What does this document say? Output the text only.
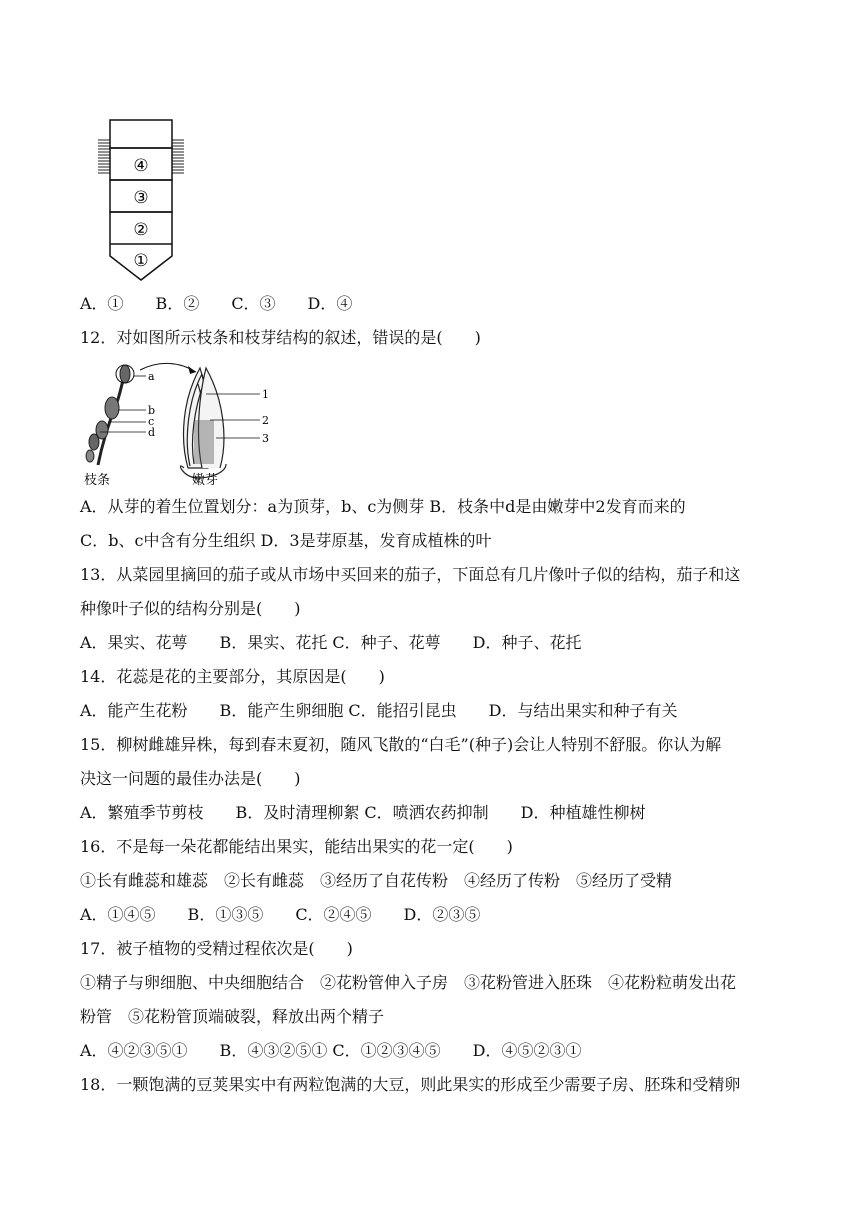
④
③
②
①
A．①　　B．②　　C．③　　D．④
12．对如图所示枝条和枝芽结构的叙述，错误的是(　　)
a
b
c
d
1
2
3
枝条	嫩芽
A．从芽的着生位置划分：a为顶芽，b、c为侧芽 B．枝条中d是由嫩芽中2发育而来的
C．b、c中含有分生组织 D．3是芽原基，发育成植株的叶
13．从菜园里摘回的茄子或从市场中买回来的茄子，下面总有几片像叶子似的结构，茄子和这
种像叶子似的结构分别是(　　)
A．果实、花萼　　B．果实、花托 C．种子、花萼　　D．种子、花托
14．花蕊是花的主要部分，其原因是(　　)
A．能产生花粉　　B．能产生卵细胞 C．能招引昆虫　　D．与结出果实和种子有关
15．柳树雌雄异株，每到春末夏初，随风飞散的“白毛”(种子)会让人特别不舒服。你认为解
决这一问题的最佳办法是(　　)
A．繁殖季节剪枝　　B．及时清理柳絮 C．喷洒农药抑制　　D．种植雄性柳树
16．不是每一朵花都能结出果实，能结出果实的花一定(　　)
①长有雌蕊和雄蕊　②长有雌蕊　③经历了自花传粉　④经历了传粉　⑤经历了受精
A．①④⑤　　B．①③⑤　　C．②④⑤　　D．②③⑤
17．被子植物的受精过程依次是(　　)
①精子与卵细胞、中央细胞结合　②花粉管伸入子房　③花粉管进入胚珠　④花粉粒萌发出花
粉管　⑤花粉管顶端破裂，释放出两个精子
A．④②③⑤①　　B．④③②⑤① C．①②③④⑤　　D．④⑤②③①
18．一颗饱满的豆荚果实中有两粒饱满的大豆，则此果实的形成至少需要子房、胚珠和受精卵
